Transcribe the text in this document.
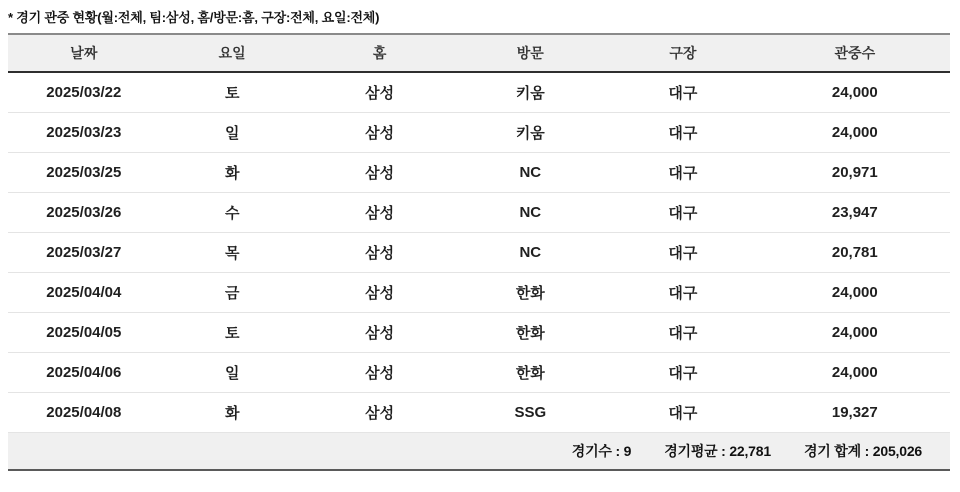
* 경기 관중 현황(월:전체, 팀:삼성, 홈/방문:홈, 구장:전체, 요일:전체)
날짜	요일	홈	방문	구장	관중수
2025/03/22	토	삼성	키움	대구	24,000
2025/03/23	일	삼성	키움	대구	24,000
2025/03/25	화	삼성	NC	대구	20,971
2025/03/26	수	삼성	NC	대구	23,947
2025/03/27	목	삼성	NC	대구	20,781
2025/04/04	금	삼성	한화	대구	24,000
2025/04/05	토	삼성	한화	대구	24,000
2025/04/06	일	삼성	한화	대구	24,000
2025/04/08	화	삼성	SSG	대구	19,327
경기수 : 9 경기평균 : 22,781 경기 합계 : 205,026
